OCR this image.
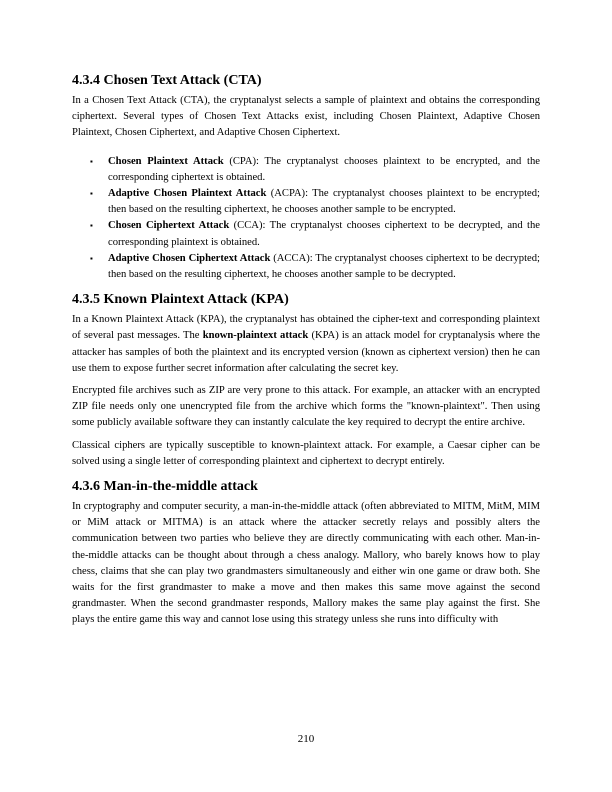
4.3.4 Chosen Text Attack (CTA)

In a Chosen Text Attack (CTA), the cryptanalyst selects a sample of plaintext and obtains the corresponding ciphertext. Several types of Chosen Text Attacks exist, including Chosen Plaintext, Adaptive Chosen Plaintext, Chosen Ciphertext, and Adaptive Chosen Ciphertext.

▪ Chosen Plaintext Attack (CPA): The cryptanalyst chooses plaintext to be encrypted, and the corresponding ciphertext is obtained.
▪ Adaptive Chosen Plaintext Attack (ACPA): The cryptanalyst chooses plaintext to be encrypted; then based on the resulting ciphertext, he chooses another sample to be encrypted.
▪ Chosen Ciphertext Attack (CCA): The cryptanalyst chooses ciphertext to be decrypted, and the corresponding plaintext is obtained.
▪ Adaptive Chosen Ciphertext Attack (ACCA): The cryptanalyst chooses ciphertext to be decrypted; then based on the resulting ciphertext, he chooses another sample to be decrypted.
4.3.5 Known Plaintext Attack (KPA)

In a Known Plaintext Attack (KPA), the cryptanalyst has obtained the cipher-text and corresponding plaintext of several past messages. The known-plaintext attack (KPA) is an attack model for cryptanalysis where the attacker has samples of both the plaintext and its encrypted version (known as ciphertext version) then he can use them to expose further secret information after calculating the secret key.

Encrypted file archives such as ZIP are very prone to this attack. For example, an attacker with an encrypted ZIP file needs only one unencrypted file from the archive which forms the "known-plaintext". Then using some publicly available software they can instantly calculate the key required to decrypt the entire archive.

Classical ciphers are typically susceptible to known-plaintext attack. For example, a Caesar cipher can be solved using a single letter of corresponding plaintext and ciphertext to decrypt entirely.

4.3.6 Man-in-the-middle attack

In cryptography and computer security, a man-in-the-middle attack (often abbreviated to MITM, MitM, MIM or MiM attack or MITMA) is an attack where the attacker secretly relays and possibly alters the communication between two parties who believe they are directly communicating with each other. Man-in-the-middle attacks can be thought about through a chess analogy. Mallory, who barely knows how to play chess, claims that she can play two grandmasters simultaneously and either win one game or draw both. She waits for the first grandmaster to make a move and then makes this same move against the second grandmaster. When the second grandmaster responds, Mallory makes the same play against the first. She plays the entire game this way and cannot lose using this strategy unless she runs into difficulty with

210
